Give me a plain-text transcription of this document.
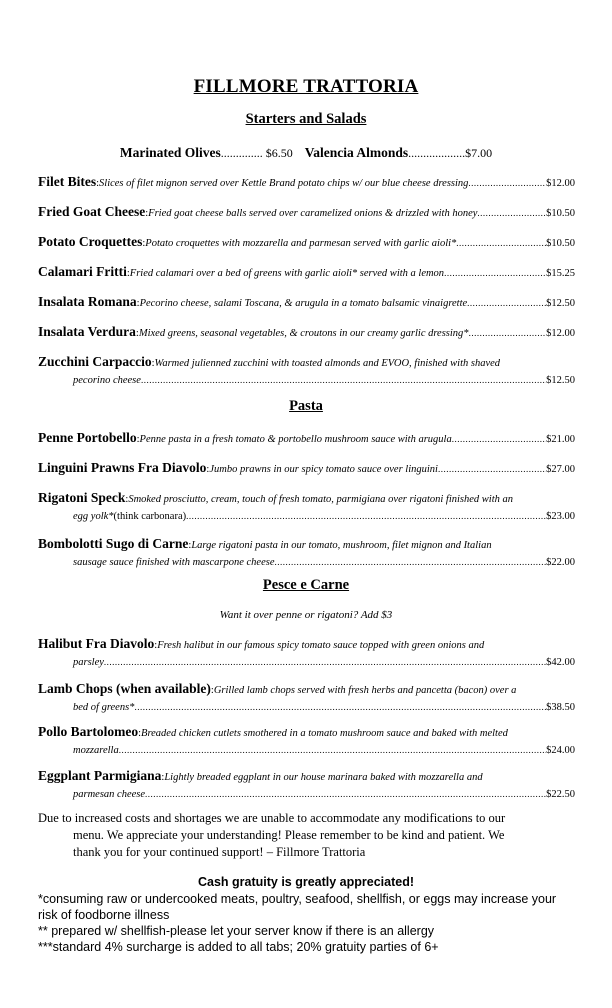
FILLMORE TRATTORIA
Starters and Salads
Marinated Olives.............. $6.50 Valencia Almonds...................$7.00
Filet Bites : Slices of filet mignon served over Kettle Brand potato chips w/ our blue cheese dressing .....	$12.00
Fried Goat Cheese : Fried goat cheese balls served over caramelized onions & drizzled with honey .....	$10.50
Potato Croquettes : Potato croquettes with mozzarella and parmesan served with garlic aioli* .....	$10.50
Calamari Fritti : Fried calamari over a bed of greens with garlic aioli* served with a lemon .....	$15.25
Insalata Romana : Pecorino cheese, salami Toscana, & arugula in a tomato balsamic vinaigrette .....	$12.50
Insalata Verdura : Mixed greens, seasonal vegetables, & croutons in our creamy garlic dressing* .....	$12.00
Zucchini Carpaccio : Warmed julienned zucchini with toasted almonds and EVOO, finished with shaved
pecorino cheese .....	$12.50
Pasta
Penne Portobello : Penne pasta in a fresh tomato & portobello mushroom sauce with arugula .....	$21.00
Linguini Prawns Fra Diavolo : Jumbo prawns in our spicy tomato sauce over linguini .....	$27.00
Rigatoni Speck : Smoked prosciutto, cream, touch of fresh tomato, parmigiana over rigatoni finished with an
egg yolk* (think carbonara) .....	$23.00
Bombolotti Sugo di Carne : Large rigatoni pasta in our tomato, mushroom, filet mignon and Italian
sausage sauce finished with mascarpone cheese .....	$22.00
Pesce e Carne
Want it over penne or rigatoni? Add $3
Halibut Fra Diavolo : Fresh halibut in our famous spicy tomato sauce topped with green onions and
parsley .....	$42.00
Lamb Chops (when available) : Grilled lamb chops served with fresh herbs and pancetta (bacon) over a
bed of greens* .....	$38.50
Pollo Bartolomeo : Breaded chicken cutlets smothered in a tomato mushroom sauce and baked with melted
mozzarella .....	$24.00
Eggplant Parmigiana : Lightly breaded eggplant in our house marinara baked with mozzarella and
parmesan cheese .....	$22.50
Due to increased costs and shortages we are unable to accommodate any modifications to our
menu. We appreciate your understanding! Please remember to be kind and patient. We
thank you for your continued support! – Fillmore Trattoria
Cash gratuity is greatly appreciated!
*consuming raw or undercooked meats, poultry, seafood, shellfish, or eggs may increase your
risk of foodborne illness
** prepared w/ shellfish-please let your server know if there is an allergy
***standard 4% surcharge is added to all tabs; 20% gratuity parties of 6+
